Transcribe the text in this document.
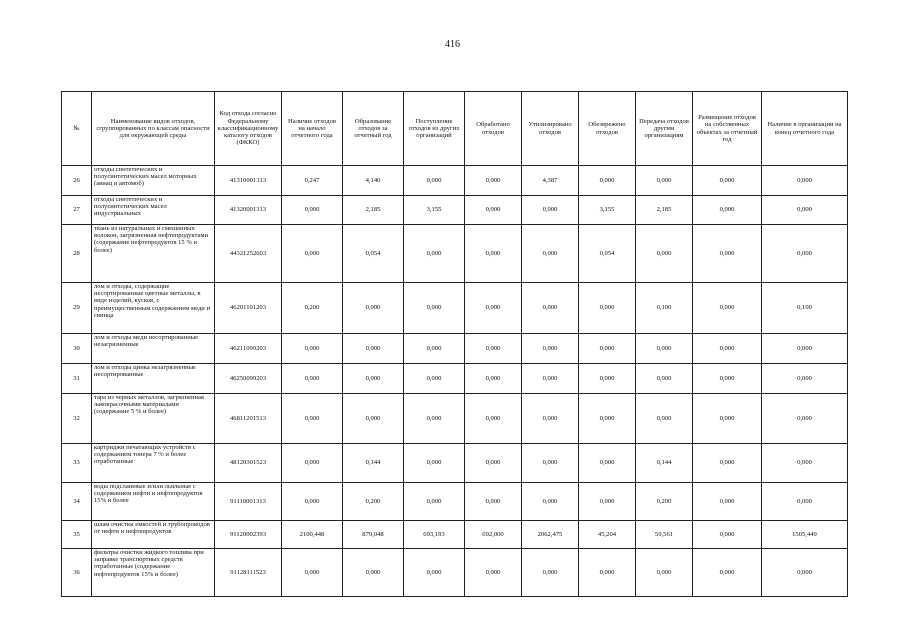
416
№	Наименование видов отходов, сгруппированных по классам опасности для окружающей среды	Код отхода согласно Федеральному классификационному каталогу отходов (ФККО)	Наличие отходов на начало отчетного года	Образование отходов за отчетный год	Поступление отходов из других организаций	Обработано отходов	Утилизировано отходов	Обезврежено отходов	Передача отходов другим организациям	Размещение отходов на собственных объектах за отчетный год	Наличие в организации на конец отчетного года
26	отходы синтетических и полусинтетических масел моторных (авиац и автомоб)	41310001313	0,247	4,140	0,000	0,000	4,387	0,000	0,000	0,000	0,000
27	отходы синтетических и полусинтетических масел индустриальных	41320001313	0,000	2,185	3,155	0,000	0,000	3,155	2,185	0,000	0,000
28	ткань из натуральных и смешанных волокон, загрязненная нефтепродуктами (содержание нефтепродуктов 15 % и более)	44321252603	0,000	0,054	0,000	0,000	0,000	0,054	0,000	0,000	0,000
29	лом и отходы, содержащие несортированные цветные металлы, в виде изделий, кусков, с преимущественным содержанием меди и свинца	46201101203	0,200	0,000	0,000	0,000	0,000	0,000	0,100	0,000	0,100
30	лом и отходы меди несортированные незагрязненные	46211099203	0,000	0,000	0,000	0,000	0,000	0,000	0,000	0,000	0,000
31	лом и отходы цинка незагрязненные несортированные	46250099203	0,000	0,000	0,000	0,000	0,000	0,000	0,000	0,000	0,000
32	тара из черных металлов, загрязненная лакокрасочными материалами (содержание 5 % и более)	46811201513	0,000	0,000	0,000	0,000	0,000	0,000	0,000	0,000	0,000
33	картриджи печатающих устройств с содержанием тонера 7 % и более отработанные	48120301523	0,000	0,144	0,000	0,000	0,000	0,000	0,144	0,000	0,000
34	воды подсланевые и/или льяльные с содержанием нефти и нефтепродуктов 15% и более	91110001313	0,000	0,200	0,000	0,000	0,000	0,000	0,200	0,000	0,000
35	шлам очистки емкостей и трубопроводов от нефти и нефтепродуктов	91120002393	2100,448	879,048	693,193	692,000	2062,475	45,204	59,561	0,000	1505,449
36	фильтры очистки жидкого топлива при заправке транспортных средств отработанные (содержание нефтепродуктов 15% и более)	91128111523	0,000	0,000	0,000	0,000	0,000	0,000	0,000	0,000	0,000
